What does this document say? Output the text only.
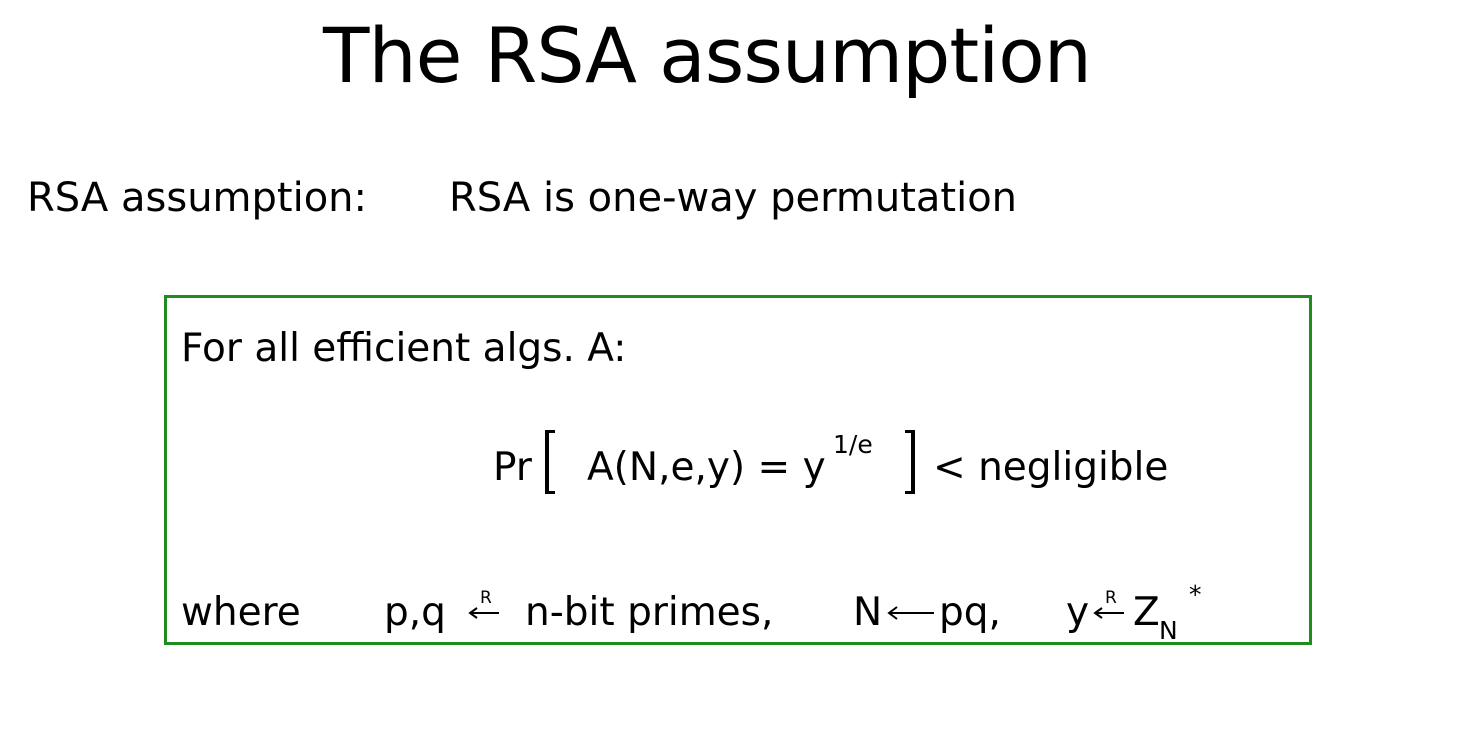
The RSA assumption
RSA assumption: RSA is one-way permutation
For all efficient algs. A:
Pr A(N,e,y) = y
1/e
< negligible
where p,q R n-bit primes, N pq, y R Z N
*
